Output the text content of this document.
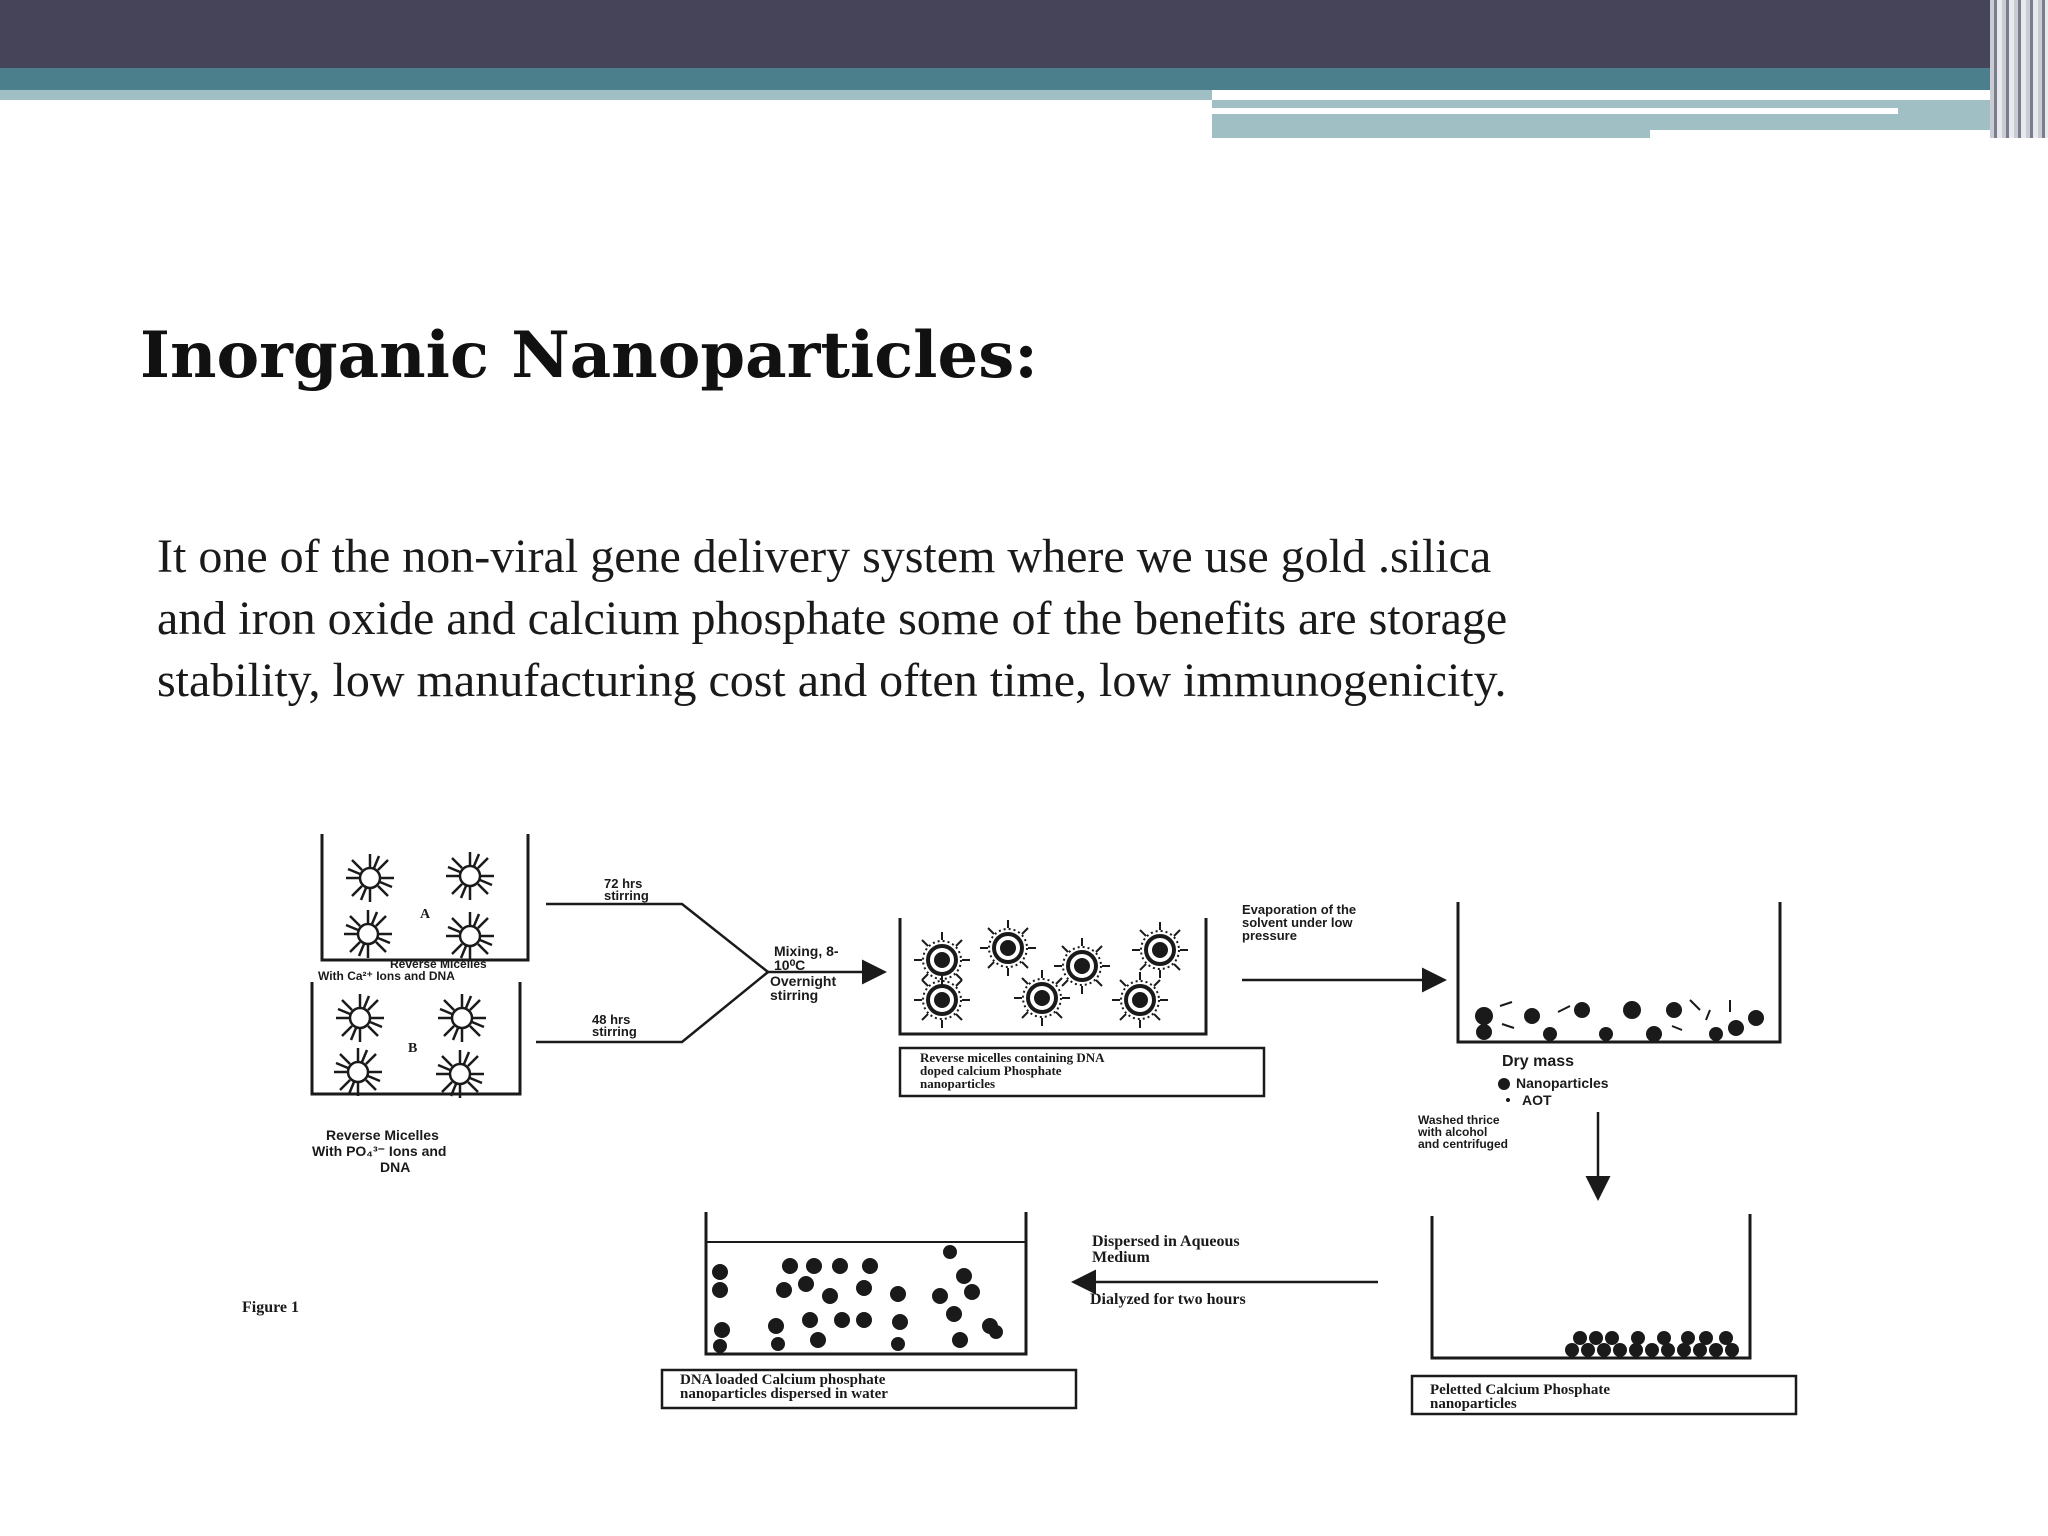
Inorganic Nanoparticles:

It one of the non-viral gene delivery system where we use gold .silica
and iron oxide and calcium phosphate some of the benefits are storage
stability, low manufacturing cost and often time, low immunogenicity.

A
Reverse Micelles
With Ca²⁺ Ions and DNA
B
Reverse Micelles
With PO₄³⁻ Ions and
DNA
72 hrs
stirring
48 hrs
stirring
Mixing, 8-
10⁰C
Overnight
stirring
Reverse micelles containing DNA
doped calcium Phosphate
nanoparticles
Evaporation of the
solvent under low
pressure
Dry mass
Nanoparticles
AOT
Washed thrice
with alcohol
and centrifuged
Peletted Calcium Phosphate
nanoparticles
Dispersed in Aqueous
Medium
Dialyzed for two hours
DNA loaded Calcium phosphate
nanoparticles dispersed in water
Figure 1
